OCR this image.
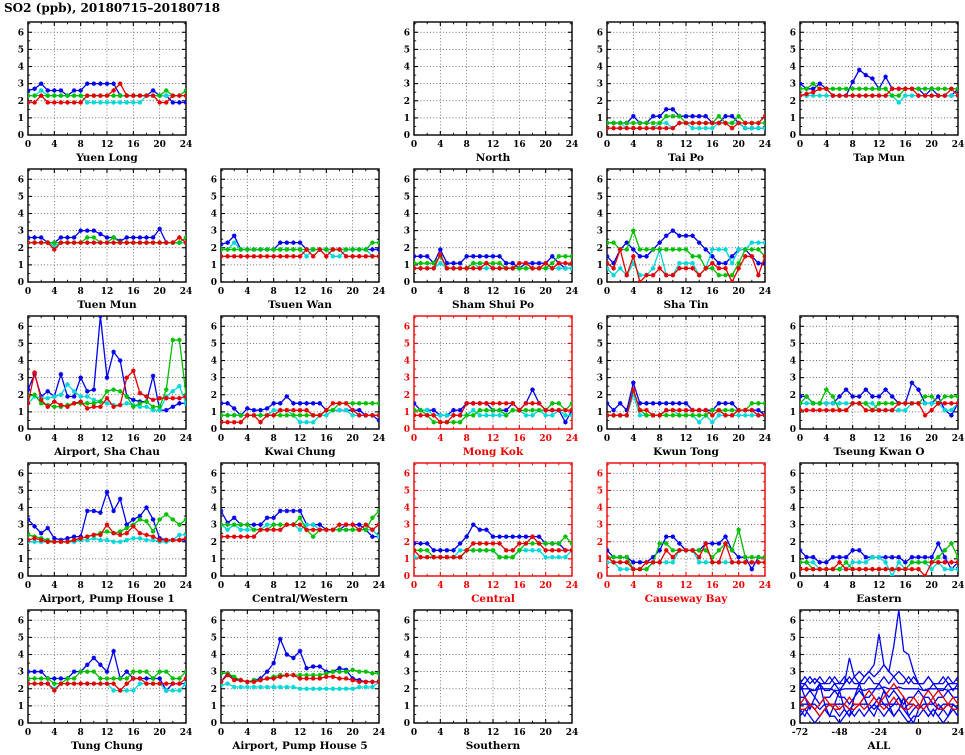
SO2 (ppb), 20180715–20180718
0
1
2
3
4
5
6
0 4 8 12 16 20 24
Yuen Long
0
1
2
3
4
5
6
0 4 8 12 16 20 24
North
0
1
2
3
4
5
6
0 4 8 12 16 20 24
Tai Po
0
1
2
3
4
5
6
0 4 8 12 16 20 24
Tap Mun
0
1
2
3
4
5
6
0 4 8 12 16 20 24
Tuen Mun
0
1
2
3
4
5
6
0 4 8 12 16 20 24
Tsuen Wan
0
1
2
3
4
5
6
0 4 8 12 16 20 24
Sham Shui Po
0
1
2
3
4
5
6
0 4 8 12 16 20 24
Sha Tin
0
1
2
3
4
5
6
0 4 8 12 16 20 24
Airport, Sha Chau
0
1
2
3
4
5
6
0 4 8 12 16 20 24
Kwai Chung
0
1
2
3
4
5
6
0 4 8 12 16 20 24
Mong Kok
0
1
2
3
4
5
6
0 4 8 12 16 20 24
Kwun Tong
0
1
2
3
4
5
6
0 4 8 12 16 20 24
Tseung Kwan O
0
1
2
3
4
5
6
0 4 8 12 16 20 24
Airport, Pump House 1
0
1
2
3
4
5
6
0 4 8 12 16 20 24
Central/Western
0
1
2
3
4
5
6
0 4 8 12 16 20 24
Central
0
1
2
3
4
5
6
0 4 8 12 16 20 24
Causeway Bay
0
1
2
3
4
5
6
0 4 8 12 16 20 24
Eastern
0
1
2
3
4
5
6
0 4 8 12 16 20 24
Tung Chung
0
1
2
3
4
5
6
0 4 8 12 16 20 24
Airport, Pump House 5
0
1
2
3
4
5
6
0 4 8 12 16 20 24
Southern
0
1
2
3
4
5
6
-72	-48	-24	0	24
ALL
